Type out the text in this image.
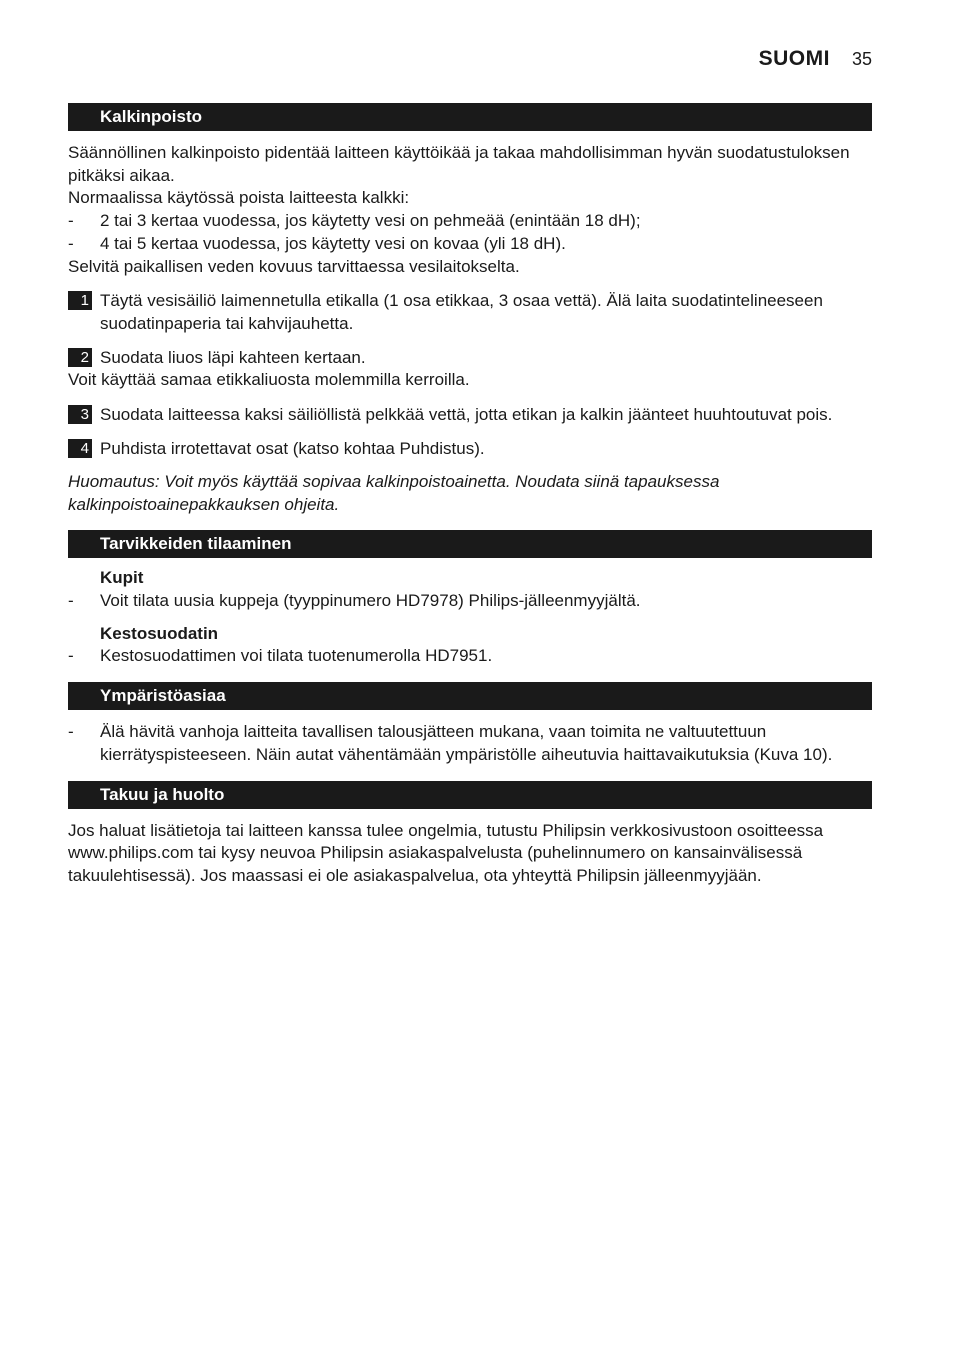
SUOMI 35
Kalkinpoisto

Säännöllinen kalkinpoisto pidentää laitteen käyttöikää ja takaa mahdollisimman hyvän suodatustuloksen pitkäksi aikaa.

Normaalissa käytössä poista laitteesta kalkki:

-	2 tai 3 kertaa vuodessa, jos käytetty vesi on pehmeää (enintään 18 dH);

-	4 tai 5 kertaa vuodessa, jos käytetty vesi on kovaa (yli 18 dH).

Selvitä paikallisen veden kovuus tarvittaessa vesilaitokselta.

1 Täytä vesisäiliö laimennetulla etikalla (1 osa etikkaa, 3 osaa vettä). Älä laita suodatintelineeseen suodatinpaperia tai kahvijauhetta.
2 Suodata liuos läpi kahteen kertaan.

Voit käyttää samaa etikkaliuosta molemmilla kerroilla.

3 Suodata laitteessa kaksi säiliöllistä pelkkää vettä, jotta etikan ja kalkin jäänteet huuhtoutuvat pois.
4 Puhdista irrotettavat osat (katso kohtaa Puhdistus).

Huomautus: Voit myös käyttää sopivaa kalkinpoistoainetta. Noudata siinä tapauksessa kalkinpoistoainepakkauksen ohjeita.

Tarvikkeiden tilaaminen

Kupit

-	Voit tilata uusia kuppeja (tyyppinumero HD7978) Philips-jälleenmyyjältä.

Kestosuodatin

-	Kestosuodattimen voi tilata tuotenumerolla HD7951.

Ympäristöasiaa

-	Älä hävitä vanhoja laitteita tavallisen talousjätteen mukana, vaan toimita ne valtuutettuun kierrätyspisteeseen. Näin autat vähentämään ympäristölle aiheutuvia haittavaikutuksia (Kuva 10).

Takuu ja huolto

Jos haluat lisätietoja tai laitteen kanssa tulee ongelmia, tutustu Philipsin verkkosivustoon osoitteessa www.philips.com tai kysy neuvoa Philipsin asiakaspalvelusta (puhelinnumero on kansainvälisessä takuulehtisessä). Jos maassasi ei ole asiakaspalvelua, ota yhteyttä Philipsin jälleenmyyjään.
